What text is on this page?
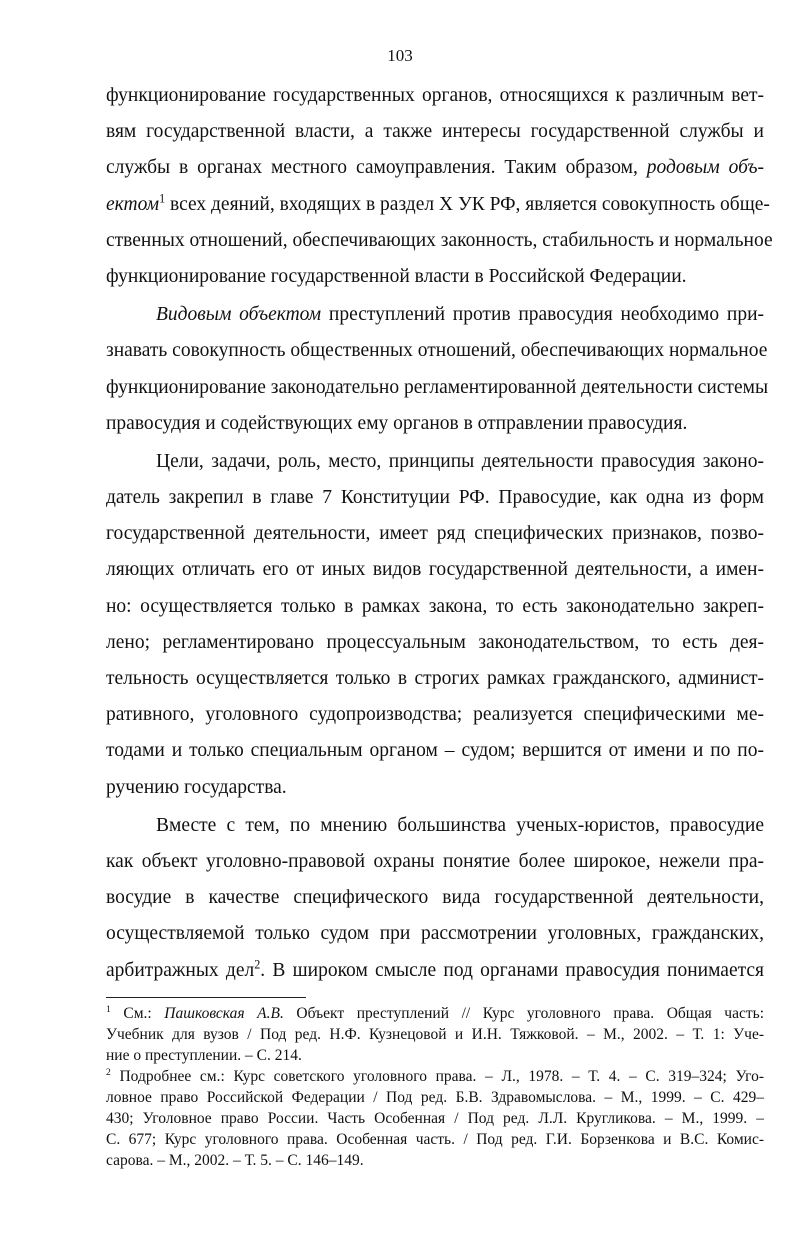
103
функционирование государственных органов, относящихся к различным вет-
вям государственной власти, а также интересы государственной службы и
службы в органах местного самоуправления. Таким образом, родовым объ-
ектом$^1$ всех деяний, входящих в раздел X УК РФ, является совокупность обще-
ственных отношений, обеспечивающих законность, стабильность и нормальное
функционирование государственной власти в Российской Федерации.
Видовым объектом преступлений против правосудия необходимо при-
знавать совокупность общественных отношений, обеспечивающих нормальное
функционирование законодательно регламентированной деятельности системы
правосудия и содействующих ему органов в отправлении правосудия.
Цели, задачи, роль, место, принципы деятельности правосудия законо-
датель закрепил в главе 7 Конституции РФ. Правосудие, как одна из форм
государственной деятельности, имеет ряд специфических признаков, позво-
ляющих отличать его от иных видов государственной деятельности, а имен-
но: осуществляется только в рамках закона, то есть законодательно закреп-
лено; регламентировано процессуальным законодательством, то есть дея-
тельность осуществляется только в строгих рамках гражданского, админист-
ративного, уголовного судопроизводства; реализуется специфическими ме-
тодами и только специальным органом – судом; вершится от имени и по по-
ручению государства.
Вместе с тем, по мнению большинства ученых-юристов, правосудие
как объект уголовно-правовой охраны понятие более широкое, нежели пра-
восудие в качестве специфического вида государственной деятельности,
осуществляемой только судом при рассмотрении уголовных, гражданских,
арбитражных дел$^2$. В широком смысле под органами правосудия понимается
$^1$ См.: Пашковская А.В. Объект преступлений // Курс уголовного права. Общая часть:
Учебник для вузов / Под ред. Н.Ф. Кузнецовой и И.Н. Тяжковой. – М., 2002. – Т. 1: Уче-
ние о преступлении. – С. 214.
$^2$ Подробнее см.: Курс советского уголовного права. – Л., 1978. – Т. 4. – С. 319–324; Уго-
ловное право Российской Федерации / Под ред. Б.В. Здравомыслова. – М., 1999. – С. 429–
430; Уголовное право России. Часть Особенная / Под ред. Л.Л. Кругликова. – М., 1999. –
С. 677; Курс уголовного права. Особенная часть. / Под ред. Г.И. Борзенкова и В.С. Комис-
сарова. – М., 2002. – Т. 5. – С. 146–149.
